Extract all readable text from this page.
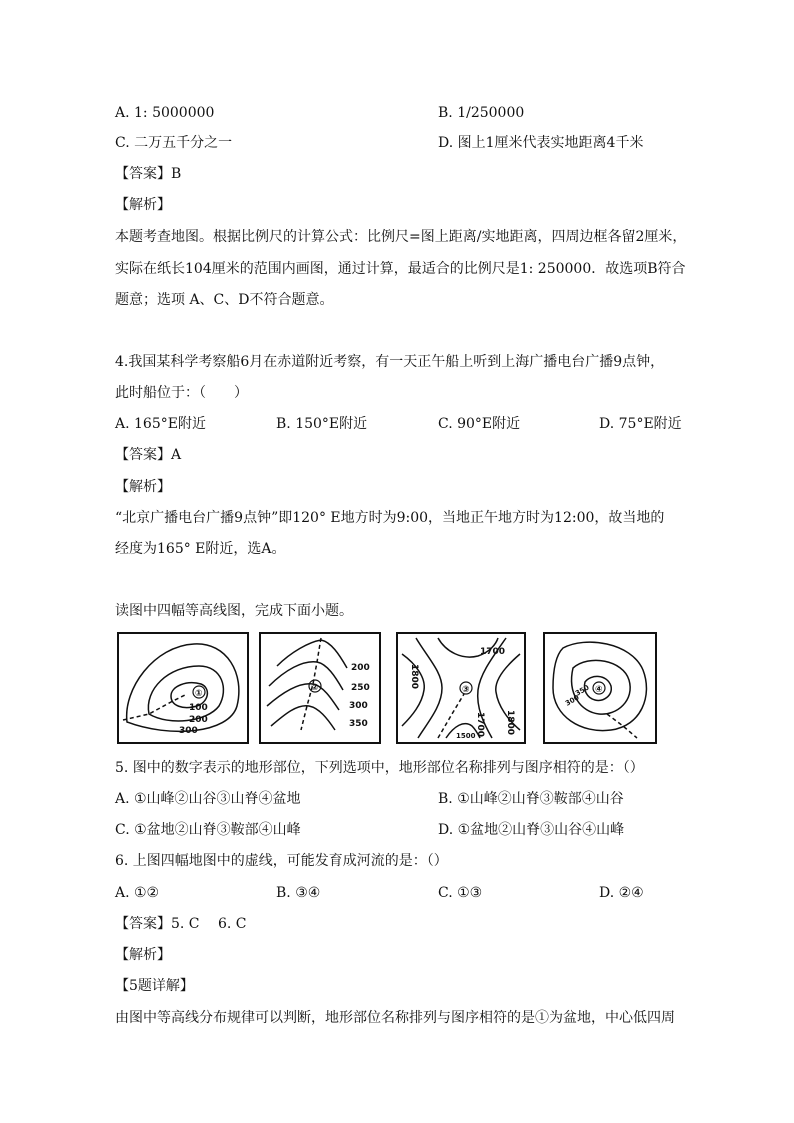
A. 1: 5000000	B. 1/250000
C. 二万五千分之一	D. 图上1厘米代表实地距离4千米
【答案】B
【解析】
本题考查地图。根据比例尺的计算公式：比例尺=图上距离/实地距离，四周边框各留2厘米，
实际在纸长104厘米的范围内画图，通过计算，最适合的比例尺是1: 250000．故选项B符合
题意；选项 A、C、D不符合题意。
4.我国某科学考察船6月在赤道附近考察，有一天正午船上听到上海广播电台广播9点钟，
此时船位于：（　　）
A. 165°E附近	B. 150°E附近	C. 90°E附近	D. 75°E附近
【答案】A
【解析】
“北京广播电台广播9点钟”即120° E地方时为9:00，当地正午地方时为12:00，故当地的
经度为165° E附近，选A。
读图中四幅等高线图，完成下面小题。
①
100
200
300
②
200
250
300
350
③
1700
1800
1700 1800
1500
④
300
350
5. 图中的数字表示的地形部位，下列选项中，地形部位名称排列与图序相符的是：（）
A. ①山峰②山谷③山脊④盆地	B. ①山峰②山脊③鞍部④山谷
C. ①盆地②山脊③鞍部④山峰	D. ①盆地②山脊③山谷④山峰
6. 上图四幅地图中的虚线，可能发育成河流的是：（）
A. ①②	B. ③④	C. ①③	D. ②④
【答案】5. C　 6. C
【解析】
【5题详解】
由图中等高线分布规律可以判断，地形部位名称排列与图序相符的是①为盆地，中心低四周
